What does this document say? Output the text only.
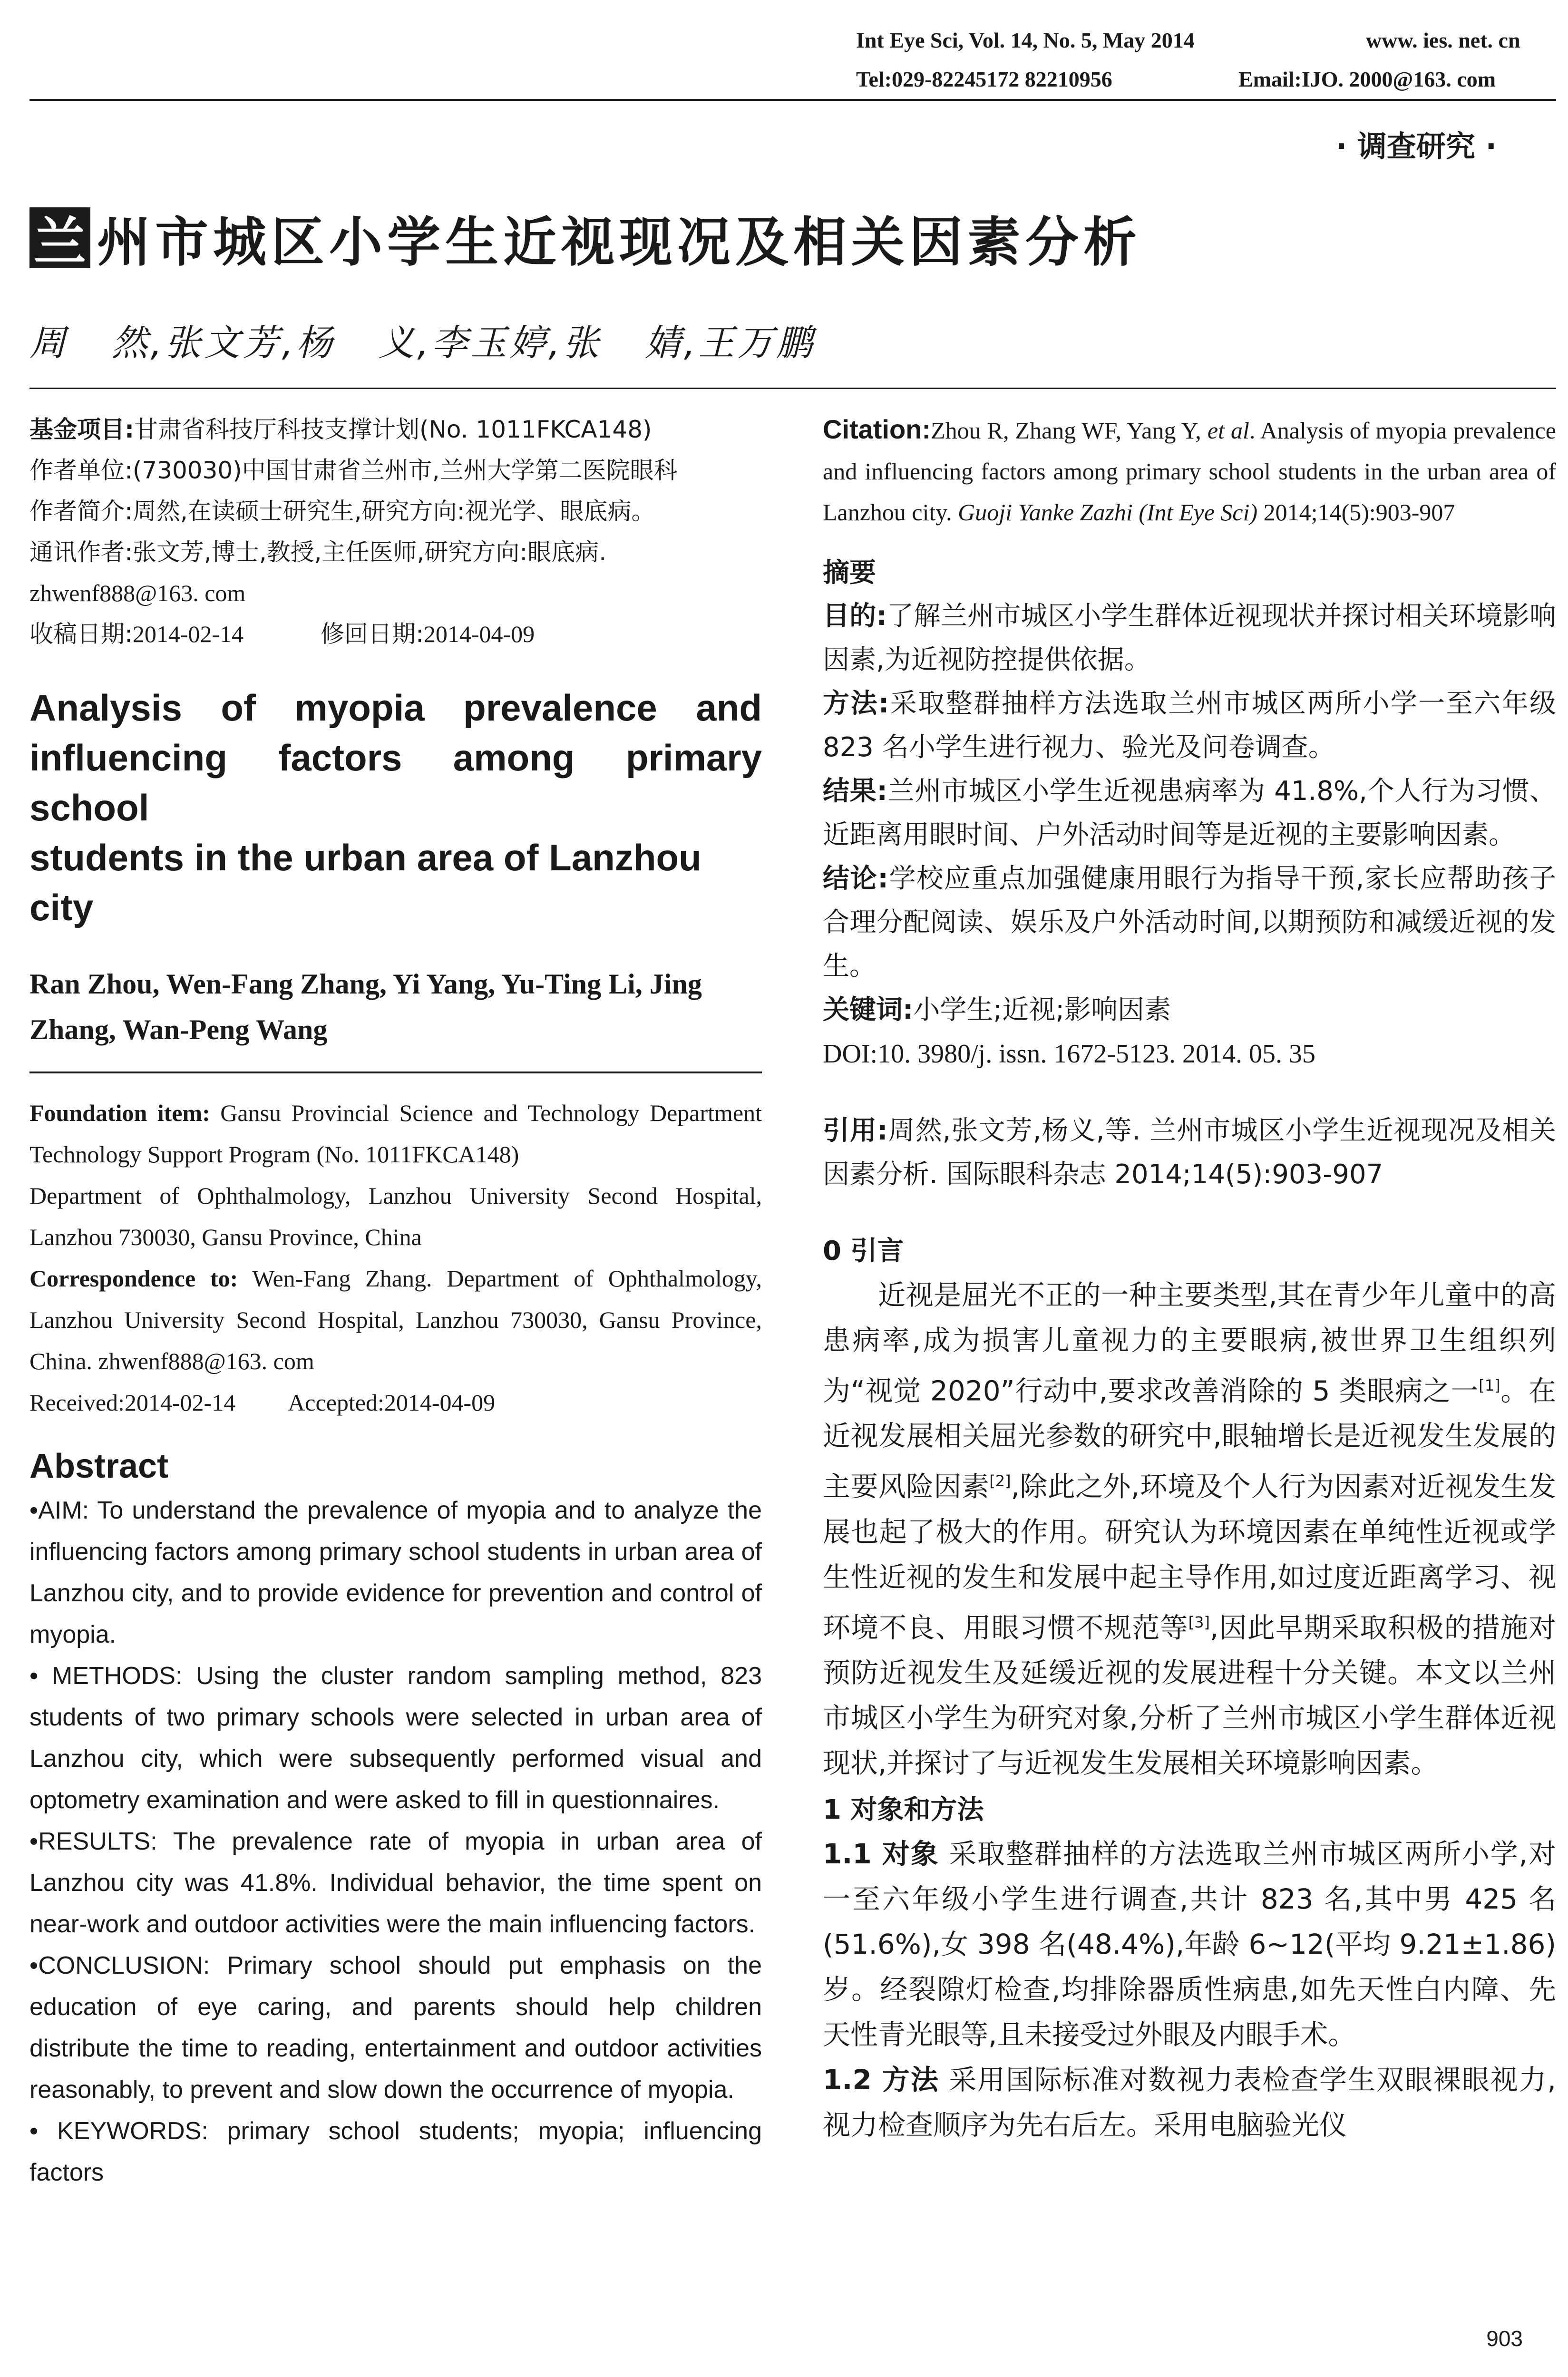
Int Eye Sci, Vol. 14, No. 5, May 2014	www. ies. net. cn
Tel:029-82245172 82210956	Email:IJO. 2000@163. com
· 调查研究 ·
兰 州市城区小学生近视现况及相关因素分析
周   然,张文芳,杨   义,李玉婷,张   婧,王万鹏
基金项目:甘肃省科技厅科技支撑计划(No. 1011FKCA148)
作者单位:(730030)中国甘肃省兰州市,兰州大学第二医院眼科
作者简介:周然,在读硕士研究生,研究方向:视光学、眼底病。
通讯作者:张文芳,博士,教授,主任医师,研究方向:眼底病.
zhwenf888@163. com
收稿日期:2014-02-14	修回日期:2014-04-09
Analysis of myopia prevalence and
influencing factors among primary school
students in the urban area of Lanzhou city
Ran Zhou, Wen-Fang Zhang, Yi Yang, Yu-Ting Li, Jing Zhang, Wan-Peng Wang
Foundation item: Gansu Provincial Science and Technology Department Technology Support Program (No. 1011FKCA148)
Department of Ophthalmology, Lanzhou University Second Hospital, Lanzhou 730030, Gansu Province, China
Correspondence to: Wen-Fang Zhang. Department of Ophthalmology, Lanzhou University Second Hospital, Lanzhou 730030, Gansu Province, China. zhwenf888@163. com
Received:2014-02-14 Accepted:2014-04-09
Abstract
•AIM: To understand the prevalence of myopia and to analyze the influencing factors among primary school students in urban area of Lanzhou city, and to provide evidence for prevention and control of myopia.
• METHODS: Using the cluster random sampling method, 823 students of two primary schools were selected in urban area of Lanzhou city, which were subsequently performed visual and optometry examination and were asked to fill in questionnaires.
•RESULTS: The prevalence rate of myopia in urban area of Lanzhou city was 41.8%. Individual behavior, the time spent on near-work and outdoor activities were the main influencing factors.
•CONCLUSION: Primary school should put emphasis on the education of eye caring, and parents should help children distribute the time to reading, entertainment and outdoor activities reasonably, to prevent and slow down the occurrence of myopia.
• KEYWORDS: primary school students; myopia; influencing factors
Citation:Zhou R, Zhang WF, Yang Y, et al. Analysis of myopia prevalence and influencing factors among primary school students in the urban area of Lanzhou city. Guoji Yanke Zazhi (Int Eye Sci) 2014;14(5):903-907
摘要
目的:了解兰州市城区小学生群体近视现状并探讨相关环境影响因素,为近视防控提供依据。
方法:采取整群抽样方法选取兰州市城区两所小学一至六年级 823 名小学生进行视力、验光及问卷调查。
结果:兰州市城区小学生近视患病率为 41.8%,个人行为习惯、近距离用眼时间、户外活动时间等是近视的主要影响因素。
结论:学校应重点加强健康用眼行为指导干预,家长应帮助孩子合理分配阅读、娱乐及户外活动时间,以期预防和减缓近视的发生。
关键词:小学生;近视;影响因素
DOI:10. 3980/j. issn. 1672-5123. 2014. 05. 35
引用:周然,张文芳,杨义,等. 兰州市城区小学生近视现况及相关因素分析. 国际眼科杂志 2014;14(5):903-907
0 引言
近视是屈光不正的一种主要类型,其在青少年儿童中的高患病率,成为损害儿童视力的主要眼病,被世界卫生组织列为“视觉 2020”行动中,要求改善消除的 5 类眼病之一[1]。在近视发展相关屈光参数的研究中,眼轴增长是近视发生发展的主要风险因素[2],除此之外,环境及个人行为因素对近视发生发展也起了极大的作用。研究认为环境因素在单纯性近视或学生性近视的发生和发展中起主导作用,如过度近距离学习、视环境不良、用眼习惯不规范等[3],因此早期采取积极的措施对预防近视发生及延缓近视的发展进程十分关键。本文以兰州市城区小学生为研究对象,分析了兰州市城区小学生群体近视现状,并探讨了与近视发生发展相关环境影响因素。
1 对象和方法
1.1 对象 采取整群抽样的方法选取兰州市城区两所小学,对一至六年级小学生进行调查,共计 823 名,其中男 425 名(51.6%),女 398 名(48.4%),年龄 6~12(平均 9.21±1.86)岁。经裂隙灯检查,均排除器质性病患,如先天性白内障、先天性青光眼等,且未接受过外眼及内眼手术。
1.2 方法 采用国际标准对数视力表检查学生双眼裸眼视力,视力检查顺序为先右后左。采用电脑验光仪
903
